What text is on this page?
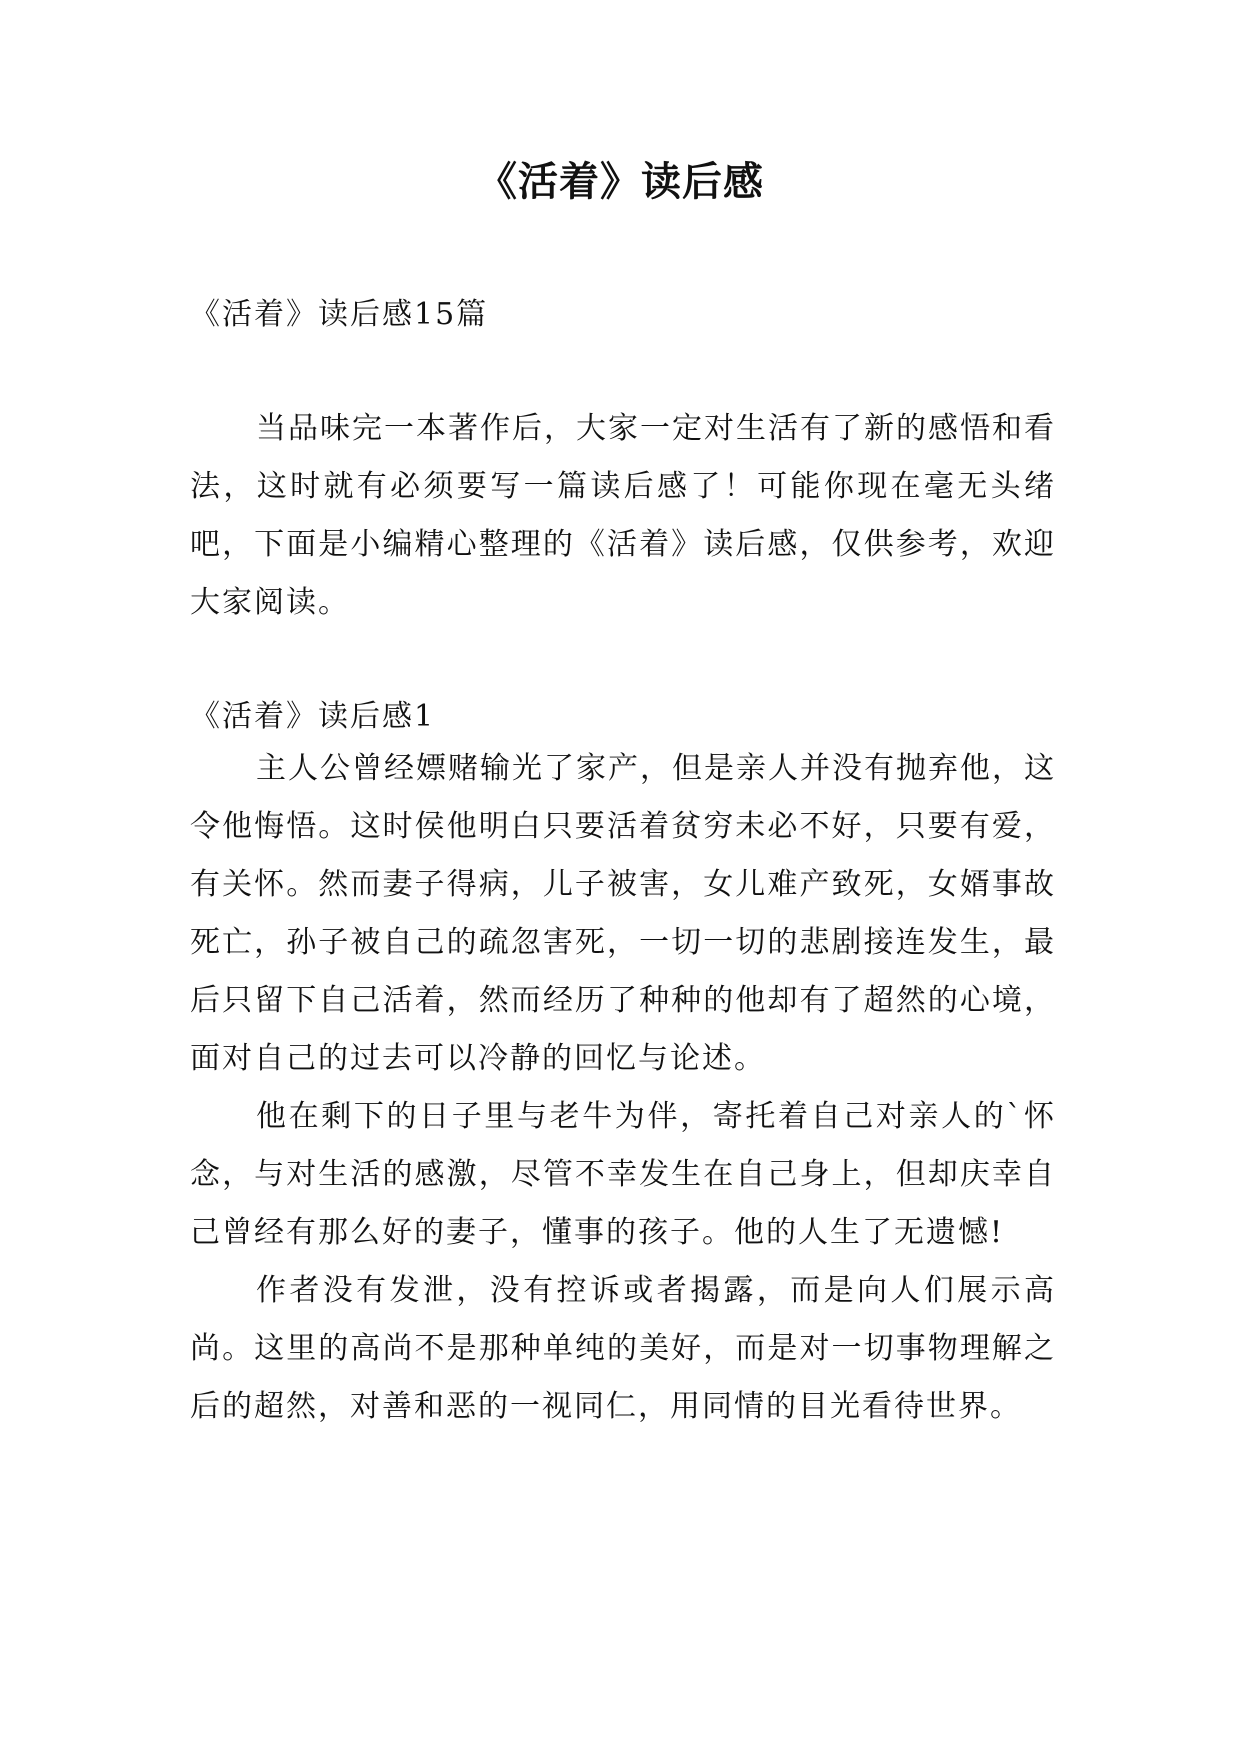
《活着》读后感

《活着》读后感15篇

当品味完一本著作后，大家一定对生活有了新的感悟和看法，这时就有必须要写一篇读后感了！可能你现在毫无头绪吧，下面是小编精心整理的《活着》读后感，仅供参考，欢迎大家阅读。

《活着》读后感1

主人公曾经嫖赌输光了家产，但是亲人并没有抛弃他，这令他悔悟。这时侯他明白只要活着贫穷未必不好，只要有爱，有关怀。然而妻子得病，儿子被害，女儿难产致死，女婿事故死亡，孙子被自己的疏忽害死，一切一切的悲剧接连发生，最后只留下自己活着，然而经历了种种的他却有了超然的心境，面对自己的过去可以冷静的回忆与论述。

他在剩下的日子里与老牛为伴，寄托着自己对亲人的`怀念，与对生活的感激，尽管不幸发生在自己身上，但却庆幸自己曾经有那么好的妻子，懂事的孩子。他的人生了无遗憾!

作者没有发泄，没有控诉或者揭露，而是向人们展示高尚。这里的高尚不是那种单纯的美好，而是对一切事物理解之后的超然，对善和恶的一视同仁，用同情的目光看待世界。
